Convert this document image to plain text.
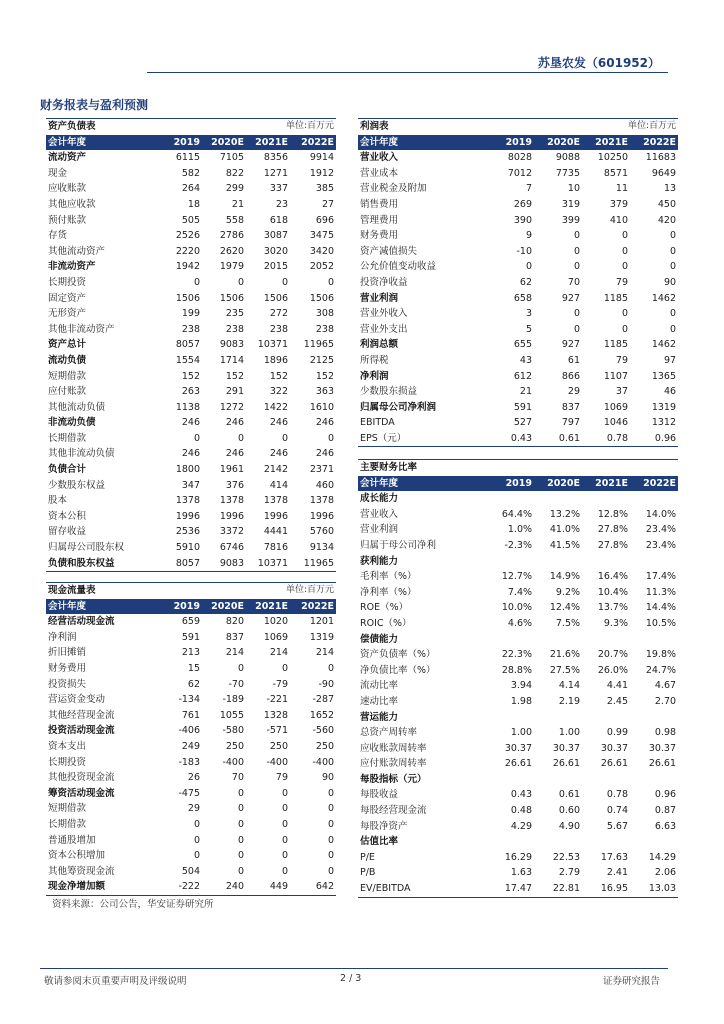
苏垦农发（601952）
财务报表与盈利预测
资产负债表		单位:百万元		
会计年度	2019	2020E	2021E	2022E
流动资产	6115	7105	8356	9914
现金	582	822	1271	1912
应收账款	264	299	337	385
其他应收款	18	21	23	27
预付账款	505	558	618	696
存货	2526	2786	3087	3475
其他流动资产	2220	2620	3020	3420
非流动资产	1942	1979	2015	2052
长期投资	0	0	0	0
固定资产	1506	1506	1506	1506
无形资产	199	235	272	308
其他非流动资产	238	238	238	238
资产总计	8057	9083	10371	11965
流动负债	1554	1714	1896	2125
短期借款	152	152	152	152
应付账款	263	291	322	363
其他流动负债	1138	1272	1422	1610
非流动负债	246	246	246	246
长期借款	0	0	0	0
其他非流动负债	246	246	246	246
负债合计	1800	1961	2142	2371
少数股东权益	347	376	414	460
股本	1378	1378	1378	1378
资本公积	1996	1996	1996	1996
留存收益	2536	3372	4441	5760
归属母公司股东权	5910	6746	7816	9134
负债和股东权益	8057	9083	10371	11965
现金流量表		单位:百万元		
会计年度	2019	2020E	2021E	2022E
经营活动现金流	659	820	1020	1201
净利润	591	837	1069	1319
折旧摊销	213	214	214	214
财务费用	15	0	0	0
投资损失	62	-70	-79	-90
营运资金变动	-134	-189	-221	-287
其他经营现金流	761	1055	1328	1652
投资活动现金流	-406	-580	-571	-560
资本支出	249	250	250	250
长期投资	-183	-400	-400	-400
其他投资现金流	26	70	79	90
筹资活动现金流	-475	0	0	0
短期借款	29	0	0	0
长期借款	0	0	0	0
普通股增加	0	0	0	0
资本公积增加	0	0	0	0
其他筹资现金流	504	0	0	0
现金净增加额	-222	240	449	642
利润表		单位:百万元		
会计年度	2019	2020E	2021E	2022E
营业收入	8028	9088	10250	11683
营业成本	7012	7735	8571	9649
营业税金及附加	7	10	11	13
销售费用	269	319	379	450
管理费用	390	399	410	420
财务费用	9	0	0	0
资产减值损失	-10	0	0	0
公允价值变动收益	0	0	0	0
投资净收益	62	70	79	90
营业利润	658	927	1185	1462
营业外收入	3	0	0	0
营业外支出	5	0	0	0
利润总额	655	927	1185	1462
所得税	43	61	79	97
净利润	612	866	1107	1365
少数股东损益	21	29	37	46
归属母公司净利润	591	837	1069	1319
EBITDA	527	797	1046	1312
EPS（元）	0.43	0.61	0.78	0.96
主要财务比率				
会计年度	2019	2020E	2021E	2022E
成长能力				
营业收入	64.4%	13.2%	12.8%	14.0%
营业利润	1.0%	41.0%	27.8%	23.4%
归属于母公司净利	-2.3%	41.5%	27.8%	23.4%
获利能力				
毛利率（%）	12.7%	14.9%	16.4%	17.4%
净利率（%）	7.4%	9.2%	10.4%	11.3%
ROE（%）	10.0%	12.4%	13.7%	14.4%
ROIC（%）	4.6%	7.5%	9.3%	10.5%
偿债能力				
资产负债率（%）	22.3%	21.6%	20.7%	19.8%
净负债比率（%）	28.8%	27.5%	26.0%	24.7%
流动比率	3.94	4.14	4.41	4.67
速动比率	1.98	2.19	2.45	2.70
营运能力				
总资产周转率	1.00	1.00	0.99	0.98
应收账款周转率	30.37	30.37	30.37	30.37
应付账款周转率	26.61	26.61	26.61	26.61
每股指标（元）				
每股收益	0.43	0.61	0.78	0.96
每股经营现金流	0.48	0.60	0.74	0.87
每股净资产	4.29	4.90	5.67	6.63
估值比率				
P/E	16.29	22.53	17.63	14.29
P/B	1.63	2.79	2.41	2.06
EV/EBITDA	17.47	22.81	16.95	13.03
资料来源：公司公告，华安证券研究所
敬请参阅末页重要声明及评级说明	2 / 3	证券研究报告
